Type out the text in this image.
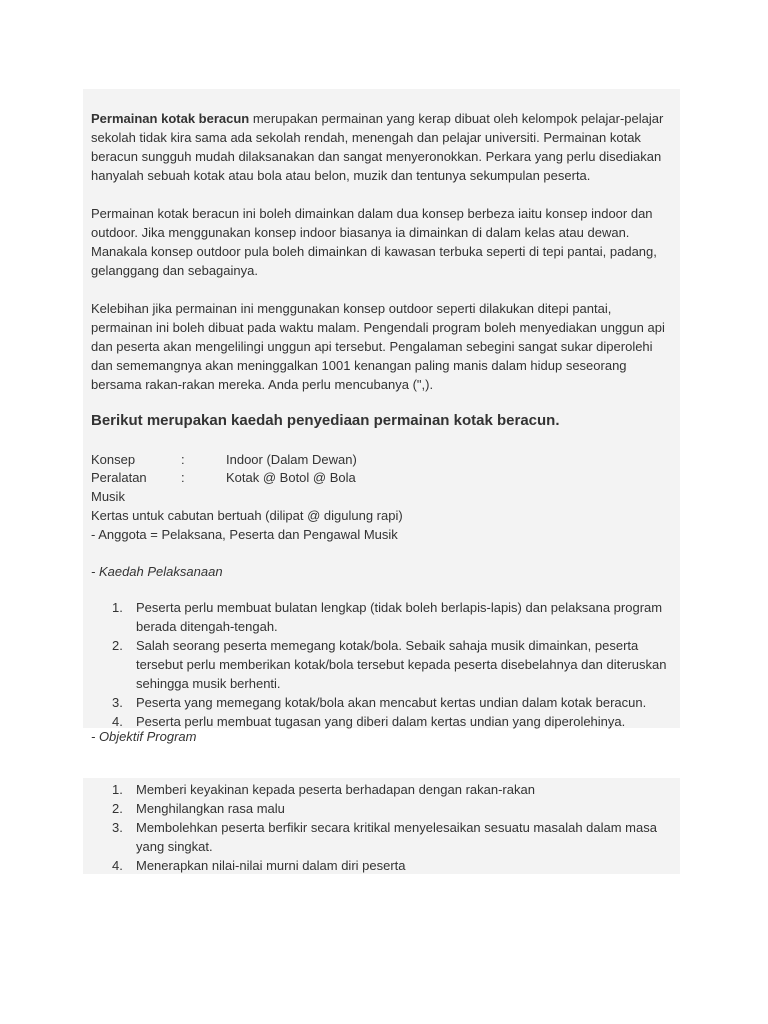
Permainan kotak beracun merupakan permainan yang kerap dibuat oleh kelompok pelajar-pelajar sekolah tidak kira sama ada sekolah rendah, menengah dan pelajar universiti. Permainan kotak beracun sungguh mudah dilaksanakan dan sangat menyeronokkan. Perkara yang perlu disediakan hanyalah sebuah kotak atau bola atau belon, muzik dan tentunya sekumpulan peserta.

Permainan kotak beracun ini boleh dimainkan dalam dua konsep berbeza iaitu konsep indoor dan outdoor. Jika menggunakan konsep indoor biasanya ia dimainkan di dalam kelas atau dewan. Manakala konsep outdoor pula boleh dimainkan di kawasan terbuka seperti di tepi pantai, padang, gelanggang dan sebagainya.

Kelebihan jika permainan ini menggunakan konsep outdoor seperti dilakukan ditepi pantai, permainan ini boleh dibuat pada waktu malam. Pengendali program boleh menyediakan unggun api dan peserta akan mengelilingi unggun api tersebut. Pengalaman sebegini sangat sukar diperolehi dan sememangnya akan meninggalkan 1001 kenangan paling manis dalam hidup seseorang bersama rakan-rakan mereka. Anda perlu mencubanya (",).

Berikut merupakan kaedah penyediaan permainan kotak beracun.
Konsep	:	Indoor (Dalam Dewan)
Peralatan	:	Kotak @ Botol @ Bola
Musik
Kertas untuk cabutan bertuah (dilipat @ digulung rapi)
- Anggota = Pelaksana, Peserta dan Pengawal Musik
- Kaedah Pelaksanaan
1. Peserta perlu membuat bulatan lengkap (tidak boleh berlapis-lapis) dan pelaksana program berada ditengah-tengah.
2. Salah seorang peserta memegang kotak/bola. Sebaik sahaja musik dimainkan, peserta tersebut perlu memberikan kotak/bola tersebut kepada peserta disebelahnya dan diteruskan sehingga musik berhenti.
3. Peserta yang memegang kotak/bola akan mencabut kertas undian dalam kotak beracun.
4. Peserta perlu membuat tugasan yang diberi dalam kertas undian yang diperolehinya.
- Objektif Program
1. Memberi keyakinan kepada peserta berhadapan dengan rakan-rakan
2. Menghilangkan rasa malu
3. Membolehkan peserta berfikir secara kritikal menyelesaikan sesuatu masalah dalam masa yang singkat.
4. Menerapkan nilai-nilai murni dalam diri peserta
